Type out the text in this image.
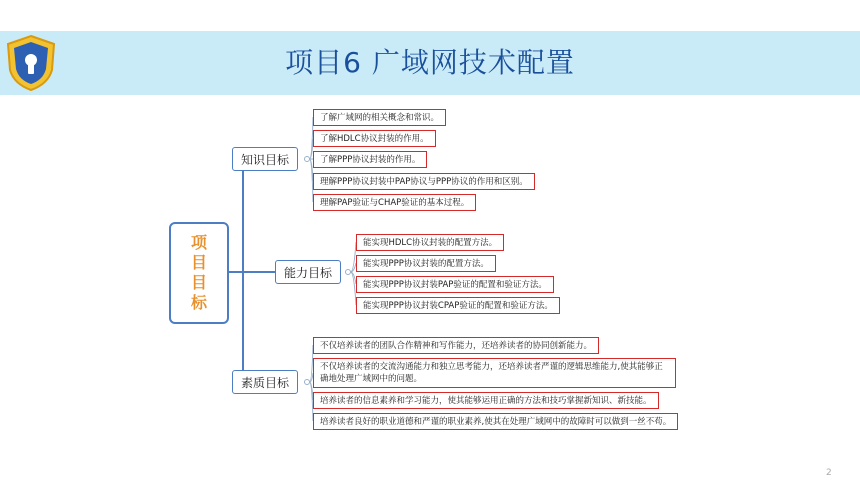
项目6 广域网技术配置
项目目标
知识目标
了解广域网的相关概念和常识。
了解HDLC协议封装的作用。
了解PPP协议封装的作用。
理解PPP协议封装中PAP协议与PPP协议的作用和区别。
理解PAP验证与CHAP验证的基本过程。
能力目标
能实现HDLC协议封装的配置方法。
能实现PPP协议封装的配置方法。
能实现PPP协议封装PAP验证的配置和验证方法。
能实现PPP协议封装CPAP验证的配置和验证方法。
素质目标
不仅培养读者的团队合作精神和写作能力，还培养读者的协同创新能力。
不仅培养读者的交流沟通能力和独立思考能力，还培养读者严谨的逻辑思维能力,使其能够正确地处理广域网中的问题。
培养读者的信息素养和学习能力，使其能够运用正确的方法和技巧掌握新知识、新技能。
培养读者良好的职业道德和严谨的职业素养,使其在处理广域网中的故障时可以做到一丝不苟。
2
